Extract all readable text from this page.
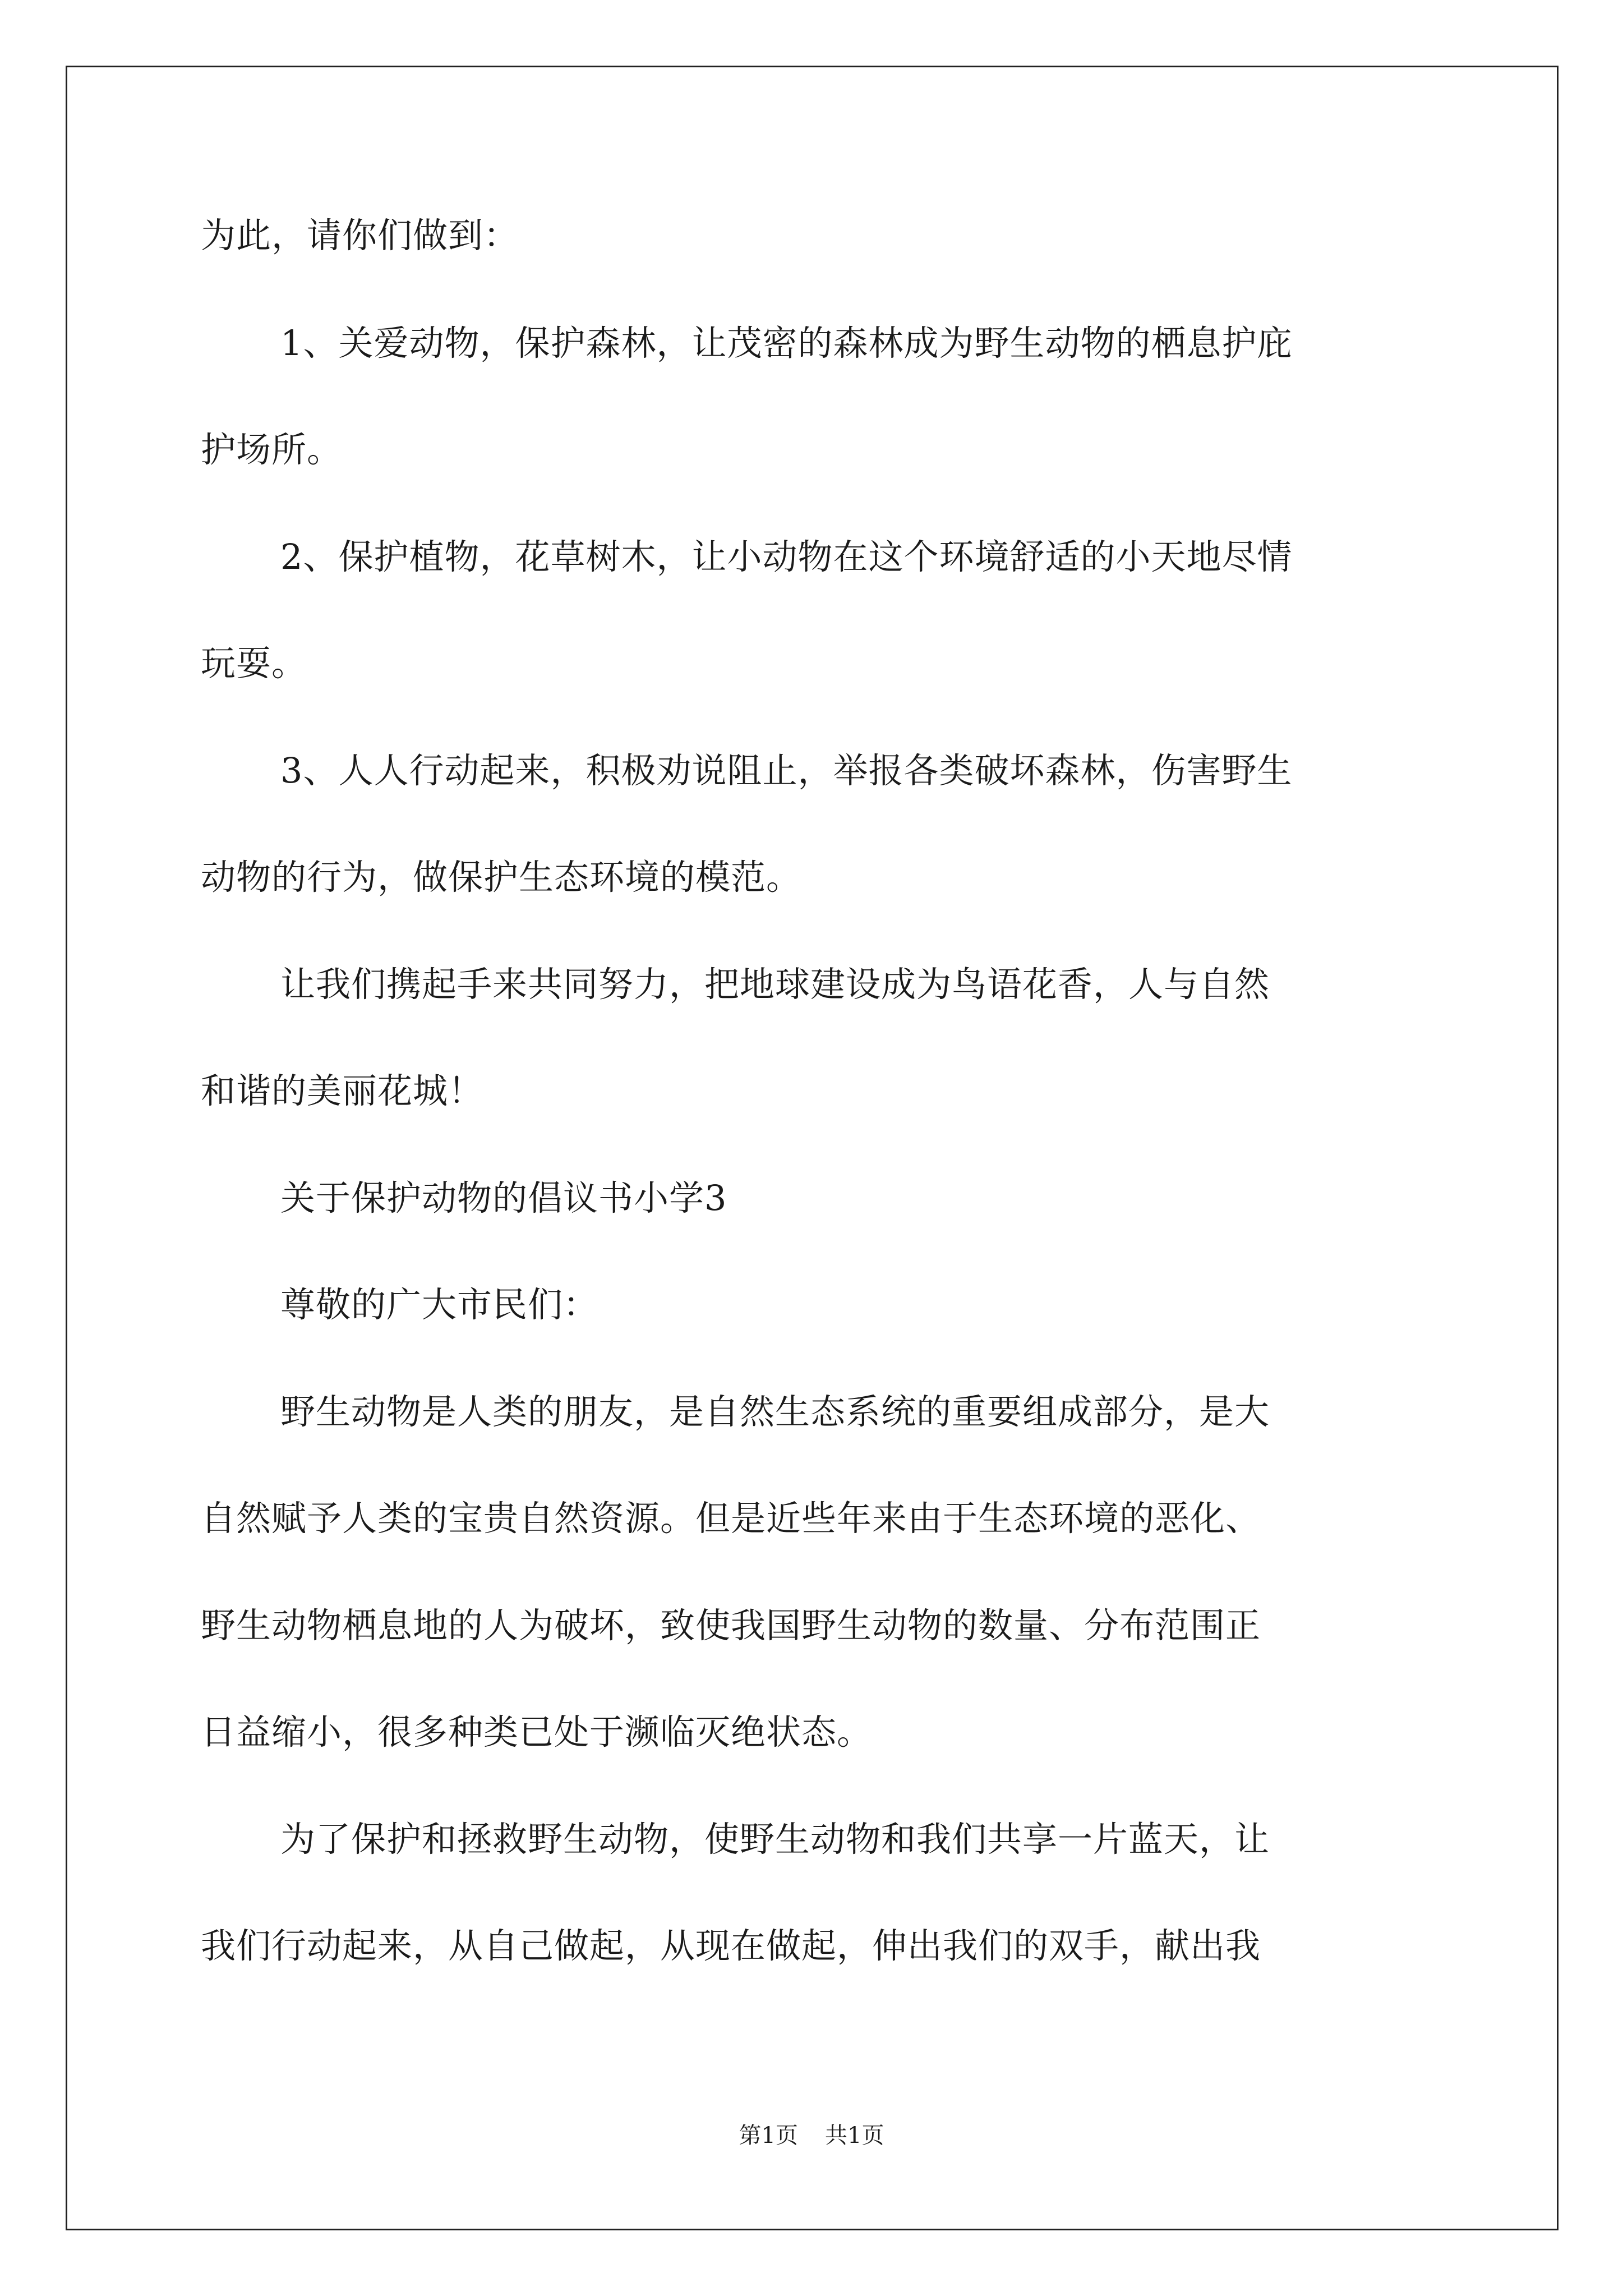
为此，请你们做到：
1、关爱动物，保护森林，让茂密的森林成为野生动物的栖息护庇
护场所。
2、保护植物，花草树木，让小动物在这个环境舒适的小天地尽情
玩耍。
3、人人行动起来，积极劝说阻止，举报各类破坏森林，伤害野生
动物的行为，做保护生态环境的模范。
让我们携起手来共同努力，把地球建设成为鸟语花香，人与自然
和谐的美丽花城！
关于保护动物的倡议书小学3
尊敬的广大市民们：
野生动物是人类的朋友，是自然生态系统的重要组成部分，是大
自然赋予人类的宝贵自然资源。但是近些年来由于生态环境的恶化、
野生动物栖息地的人为破坏，致使我国野生动物的数量、分布范围正
日益缩小，很多种类已处于濒临灭绝状态。
为了保护和拯救野生动物，使野生动物和我们共享一片蓝天，让
我们行动起来，从自己做起，从现在做起，伸出我们的双手，献出我
第1页 共1页
